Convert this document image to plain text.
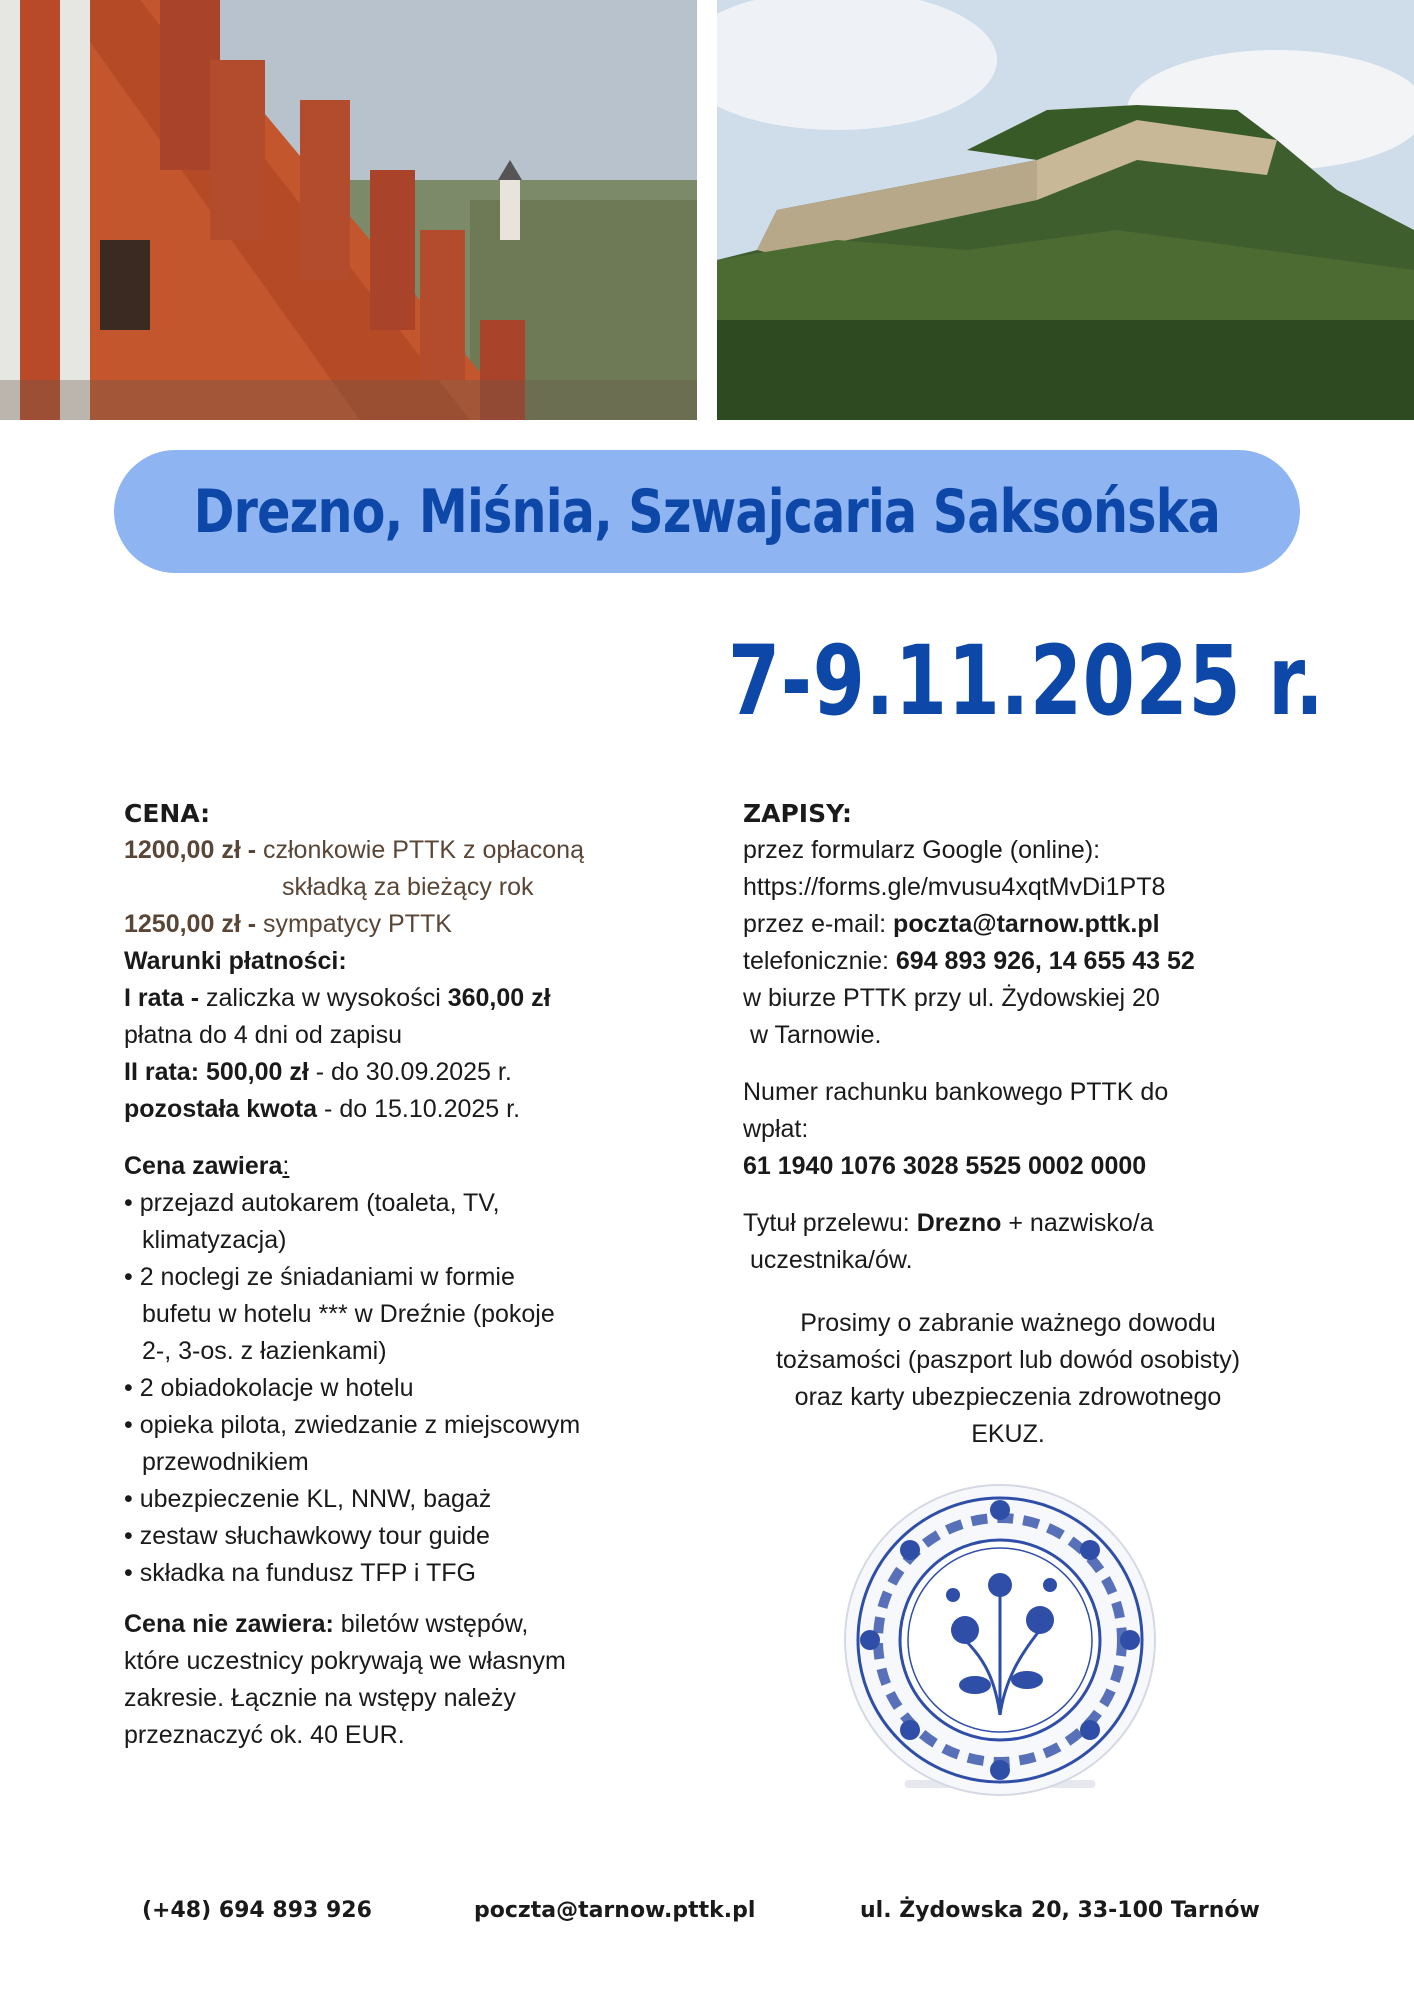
Drezno, Miśnia, Szwajcaria Saksońska
7-9.11.2025 r.
CENA:
1200,00 zł - członkowie PTTK z opłaconą
składką za bieżący rok
1250,00 zł - sympatycy PTTK
Warunki płatności:
I rata - zaliczka w wysokości 360,00 zł
płatna do 4 dni od zapisu
II rata: 500,00 zł - do 30.09.2025 r.
pozostała kwota - do 15.10.2025 r.
Cena zawiera:
• przejazd autokarem (toaleta, TV,
klimatyzacja)
• 2 noclegi ze śniadaniami w formie
bufetu w hotelu *** w Dreźnie (pokoje
2-, 3-os. z łazienkami)
• 2 obiadokolacje w hotelu
• opieka pilota, zwiedzanie z miejscowym
przewodnikiem
• ubezpieczenie KL, NNW, bagaż
• zestaw słuchawkowy tour guide
• składka na fundusz TFP i TFG
Cena nie zawiera: biletów wstępów,
które uczestnicy pokrywają we własnym
zakresie. Łącznie na wstępy należy
przeznaczyć ok. 40 EUR.
ZAPISY:
przez formularz Google (online):
https://forms.gle/mvusu4xqtMvDi1PT8
przez e-mail: poczta@tarnow.pttk.pl
telefonicznie: 694 893 926, 14 655 43 52
w biurze PTTK przy ul. Żydowskiej 20
w Tarnowie.
Numer rachunku bankowego PTTK do
wpłat:
61 1940 1076 3028 5525 0002 0000
Tytuł przelewu: Drezno + nazwisko/a
uczestnika/ów.
Prosimy o zabranie ważnego dowodu
tożsamości (paszport lub dowód osobisty)
oraz karty ubezpieczenia zdrowotnego
EKUZ.
(+48) 694 893 926	poczta@tarnow.pttk.pl	ul. Żydowska 20, 33-100 Tarnów
